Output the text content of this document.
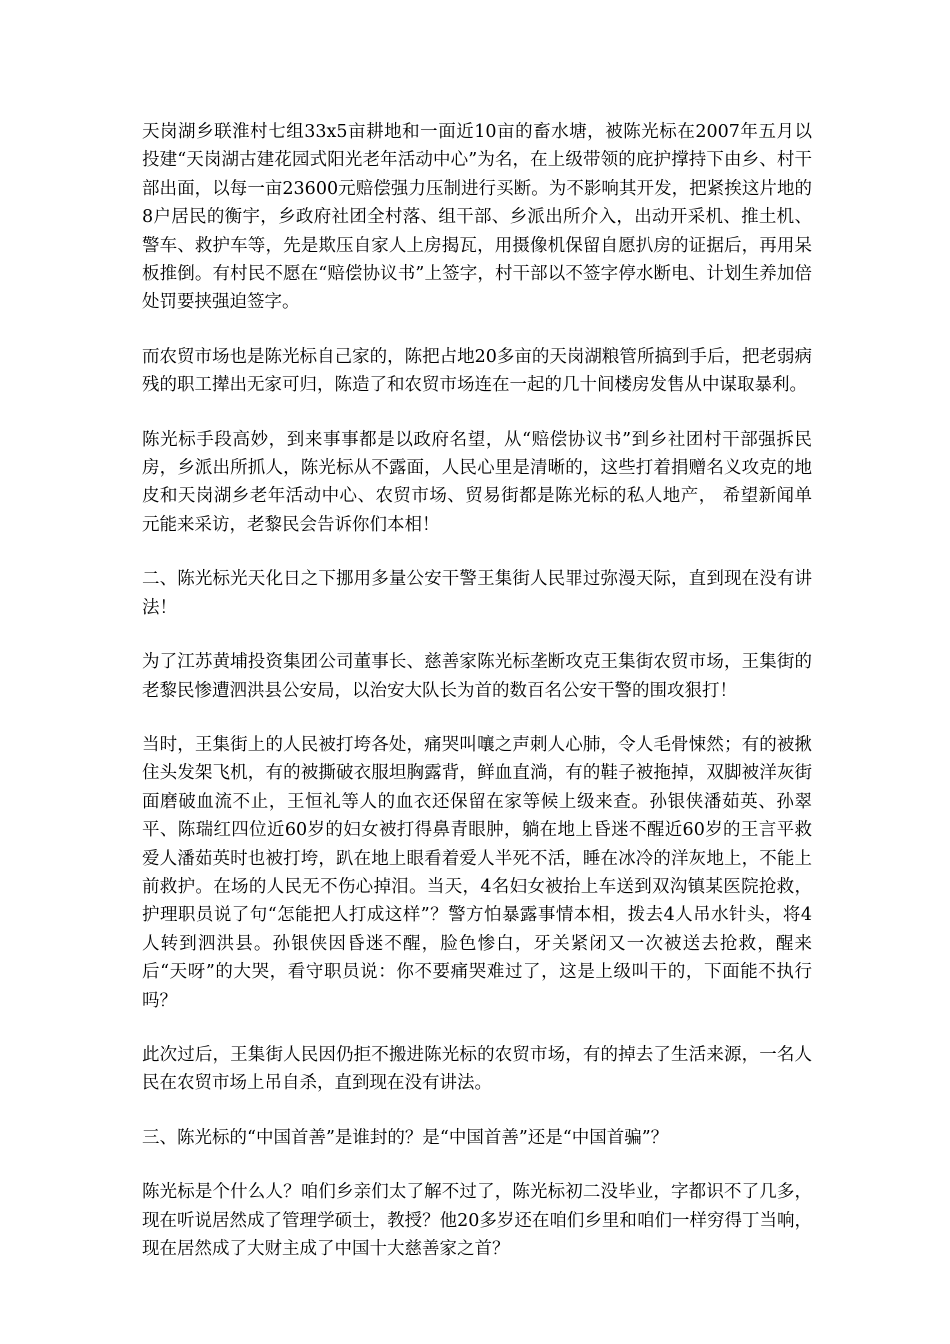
天岗湖乡联淮村七组33x5亩耕地和一面近10亩的畜水塘，被陈光标在2007年五月以投建“天岗湖古建花园式阳光老年活动中心”为名，在上级带领的庇护撑持下由乡、村干部出面，以每一亩23600元赔偿强力压制进行买断。为不影响其开发，把紧挨这片地的8户居民的衡宇，乡政府社团全村落、组干部、乡派出所介入，出动开采机、推土机、警车、救护车等，先是欺压自家人上房揭瓦，用摄像机保留自愿扒房的证据后，再用呆板推倒。有村民不愿在“赔偿协议书”上签字，村干部以不签字停水断电、计划生养加倍处罚要挟强迫签字。

而农贸市场也是陈光标自己家的，陈把占地20多亩的天岗湖粮管所搞到手后，把老弱病残的职工撵出无家可归，陈造了和农贸市场连在一起的几十间楼房发售从中谋取暴利。

陈光标手段高妙，到来事事都是以政府名望，从“赔偿协议书”到乡社团村干部强拆民房，乡派出所抓人，陈光标从不露面，人民心里是清晰的，这些打着捐赠名义攻克的地皮和天岗湖乡老年活动中心、农贸市场、贸易街都是陈光标的私人地产， 希望新闻单元能来采访，老黎民会告诉你们本相！

二、陈光标光天化日之下挪用多量公安干警王集街人民罪过弥漫天际，直到现在没有讲法！

为了江苏黄埔投资集团公司董事长、慈善家陈光标垄断攻克王集街农贸市场，王集街的老黎民惨遭泗洪县公安局，以治安大队长为首的数百名公安干警的围攻狠打！

当时，王集街上的人民被打垮各处，痛哭叫嚷之声刺人心肺，令人毛骨悚然；有的被揪住头发架飞机，有的被撕破衣服坦胸露背，鲜血直淌，有的鞋子被拖掉，双脚被洋灰街面磨破血流不止，王恒礼等人的血衣还保留在家等候上级来查。孙银侠潘茹英、孙翠平、陈瑞红四位近60岁的妇女被打得鼻青眼肿，躺在地上昏迷不醒近60岁的王言平救爱人潘茹英时也被打垮，趴在地上眼看着爱人半死不活，睡在冰冷的洋灰地上，不能上前救护。在场的人民无不伤心掉泪。当天，4名妇女被抬上车送到双沟镇某医院抢救，护理职员说了句“怎能把人打成这样”？警方怕暴露事情本相，拨去4人吊水针头，将4人转到泗洪县。孙银侠因昏迷不醒，脸色惨白，牙关紧闭又一次被送去抢救，醒来后“天呀”的大哭，看守职员说：你不要痛哭难过了，这是上级叫干的，下面能不执行吗？

此次过后，王集街人民因仍拒不搬进陈光标的农贸市场，有的掉去了生活来源，一名人民在农贸市场上吊自杀，直到现在没有讲法。

三、陈光标的“中国首善”是谁封的？是“中国首善”还是“中国首骗”？

陈光标是个什么人？咱们乡亲们太了解不过了，陈光标初二没毕业，字都识不了几多，现在听说居然成了管理学硕士，教授？他20多岁还在咱们乡里和咱们一样穷得丁当响，现在居然成了大财主成了中国十大慈善家之首？
